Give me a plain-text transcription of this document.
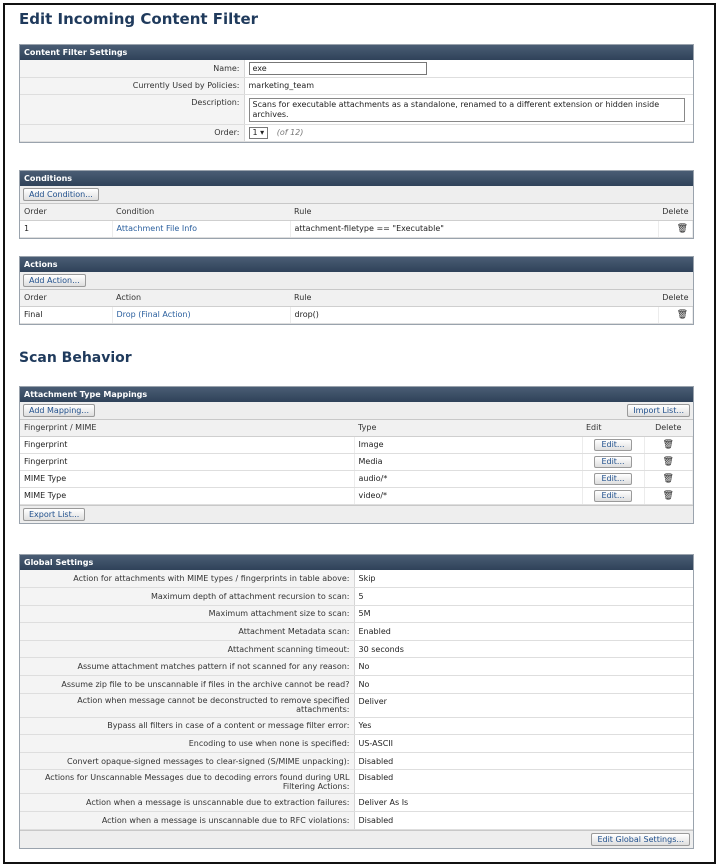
Edit Incoming Content Filter
Content Filter Settings
Name:	exe
Currently Used by Policies:	marketing_team
Description:	Scans for executable attachments as a standalone, renamed to a different extension or hidden inside archives.

Order:	1 ▾ (of 12)
Conditions
Add Condition...
Order	Condition	Rule	Delete
1	Attachment File Info	attachment-filetype == "Executable"	🗑
Actions
Add Action...
Order	Action	Rule	Delete
Final	Drop (Final Action)	drop()	🗑
Scan Behavior
Attachment Type Mappings
Add Mapping...	Import List...
Fingerprint / MIME	Type	Edit	Delete
Fingerprint	Image	Edit...	🗑
Fingerprint	Media	Edit...	🗑
MIME Type	audio/*	Edit...	🗑
MIME Type	video/*	Edit...	🗑
Export List...
Global Settings
Action for attachments with MIME types / fingerprints in table above:	Skip
Maximum depth of attachment recursion to scan:	5
Maximum attachment size to scan:	5M
Attachment Metadata scan:	Enabled
Attachment scanning timeout:	30 seconds
Assume attachment matches pattern if not scanned for any reason:	No
Assume zip file to be unscannable if files in the archive cannot be read?	No
Action when message cannot be deconstructed to remove specified attachments:	Deliver
Bypass all filters in case of a content or message filter error:	Yes
Encoding to use when none is specified:	US-ASCII
Convert opaque-signed messages to clear-signed (S/MIME unpacking):	Disabled
Actions for Unscannable Messages due to decoding errors found during URL Filtering Actions:	Disabled
Action when a message is unscannable due to extraction failures:	Deliver As Is
Action when a message is unscannable due to RFC violations:	Disabled
Edit Global Settings...
